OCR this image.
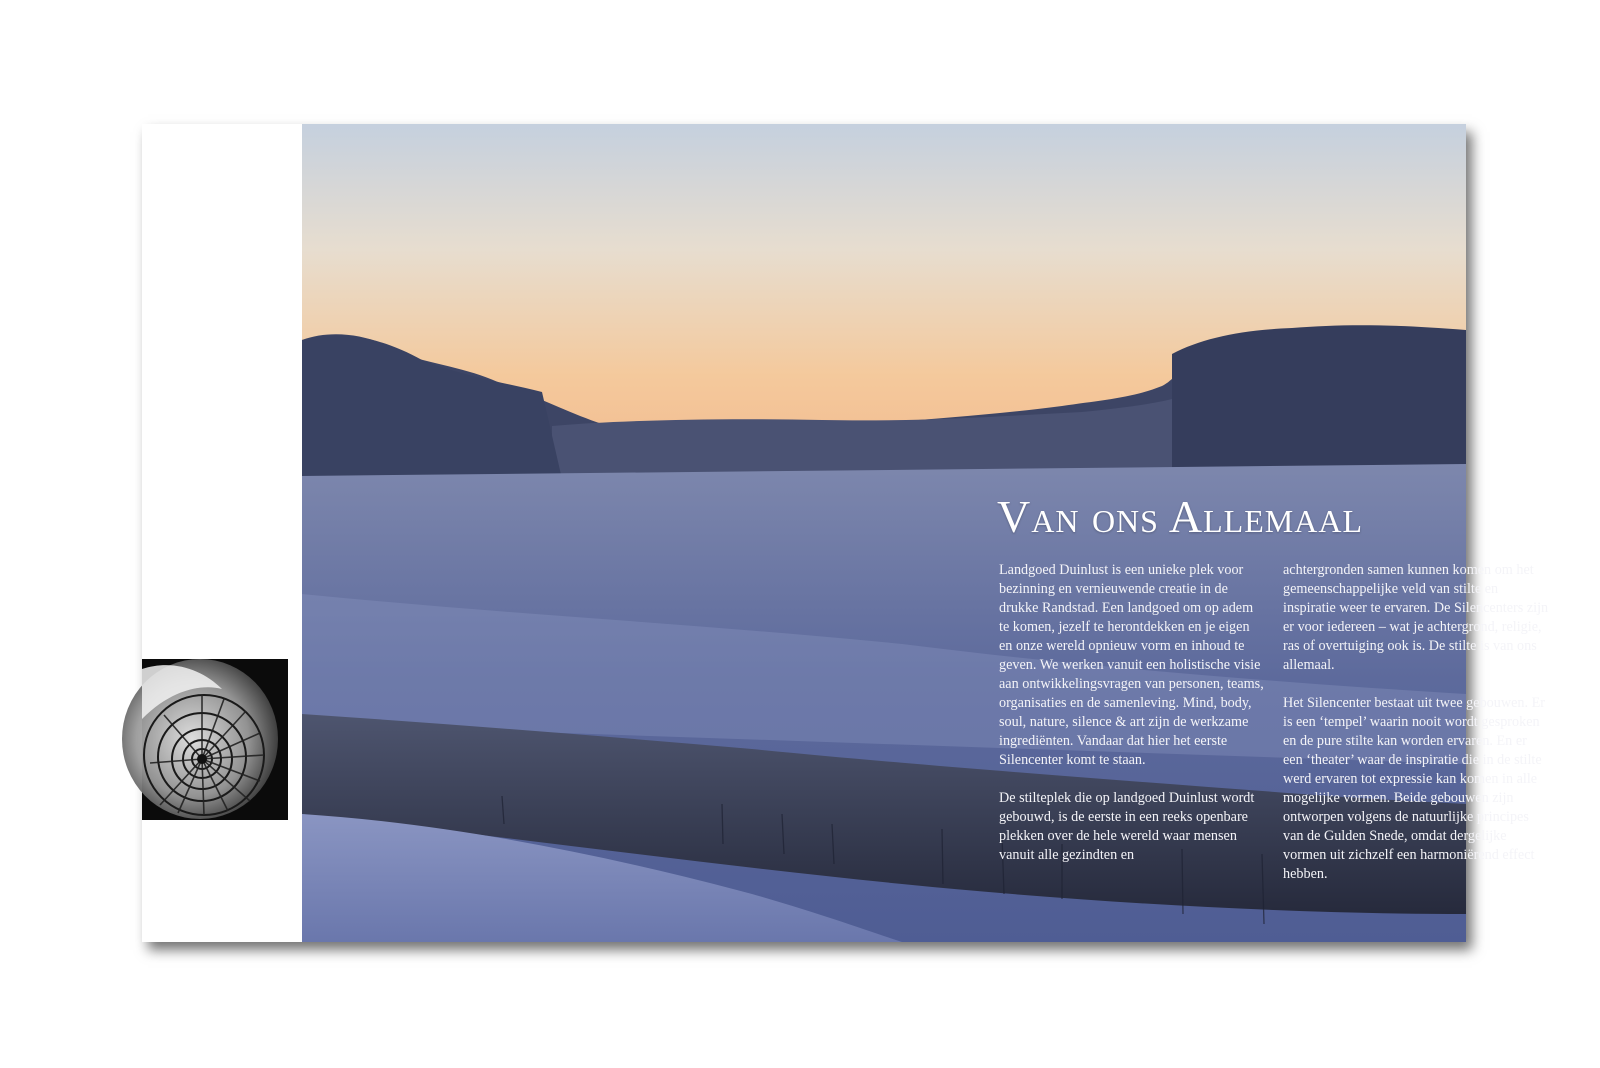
Van ons Allemaal

Landgoed Duinlust is een unieke plek voor bezinning en vernieuwende creatie in de drukke Randstad. Een landgoed om op adem te komen, jezelf te herontdekken en je eigen en onze wereld opnieuw vorm en inhoud te geven. We werken vanuit een holistische visie aan ontwikkelingsvragen van personen, teams, organisaties en de samenleving. Mind, body, soul, nature, silence & art zijn de werkzame ingrediënten. Vandaar dat hier het eerste Silencenter komt te staan.

De stilteplek die op landgoed Duinlust wordt gebouwd, is de eerste in een reeks openbare plekken over de hele wereld waar mensen vanuit alle gezindten en

achtergronden samen kunnen komen om het gemeenschappelijke veld van stilte en inspiratie weer te ervaren. De Silencenters zijn er voor iedereen – wat je achtergrond, religie, ras of overtuiging ook is. De stilte is van ons allemaal.

Het Silencenter bestaat uit twee gebouwen. Er is een ‘tempel’ waarin nooit wordt gesproken en de pure stilte kan worden ervaren. En er een ‘theater’ waar de inspiratie die in de stilte werd ervaren tot expressie kan komen in alle mogelijke vormen. Beide gebouwen zijn ontworpen volgens de natuurlijke principes van de Gulden Snede, omdat dergelijke vormen uit zichzelf een harmoniërend effect hebben.
